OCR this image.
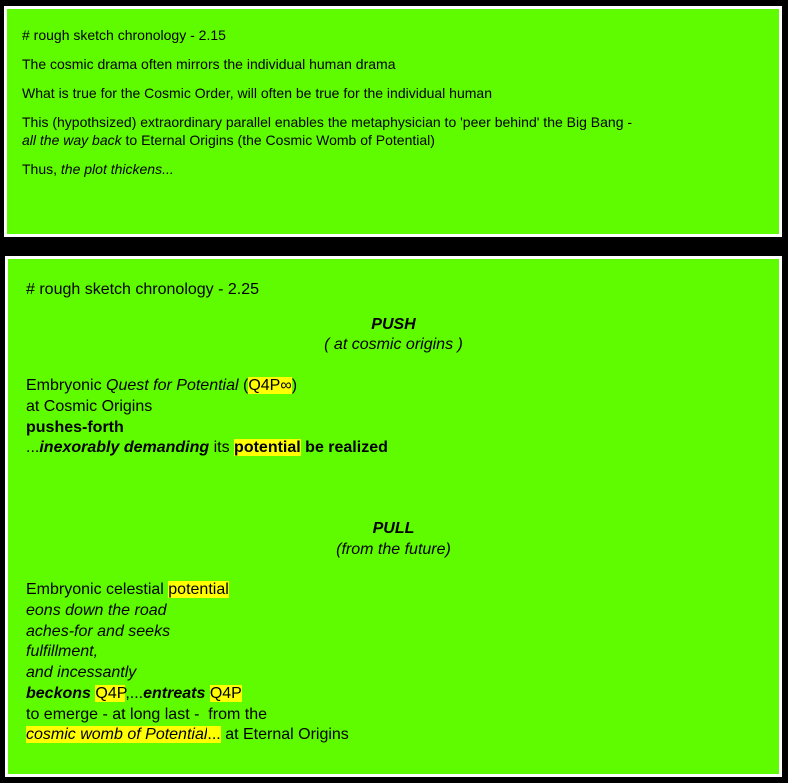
# rough sketch chronology - 2.15

The cosmic drama often mirrors the individual human drama

What is true for the Cosmic Order, will often be true for the individual human

This (hypothsized) extraordinary parallel enables the metaphysician to 'peer behind' the Big Bang -
all the way back to Eternal Origins (the Cosmic Womb of Potential)

Thus, the plot thickens...

# rough sketch chronology - 2.25

PUSH
( at cosmic origins )
Embryonic Quest for Potential (Q4P∞)
at Cosmic Origins
pushes-forth
...inexorably demanding its potential be realized
PULL
(from the future)
Embryonic celestial potential
eons down the road
aches-for and seeks
fulfillment,
and incessantly
beckons Q4P,...entreats Q4P
to emerge - at long last -  from the
cosmic womb of Potential... at Eternal Origins
